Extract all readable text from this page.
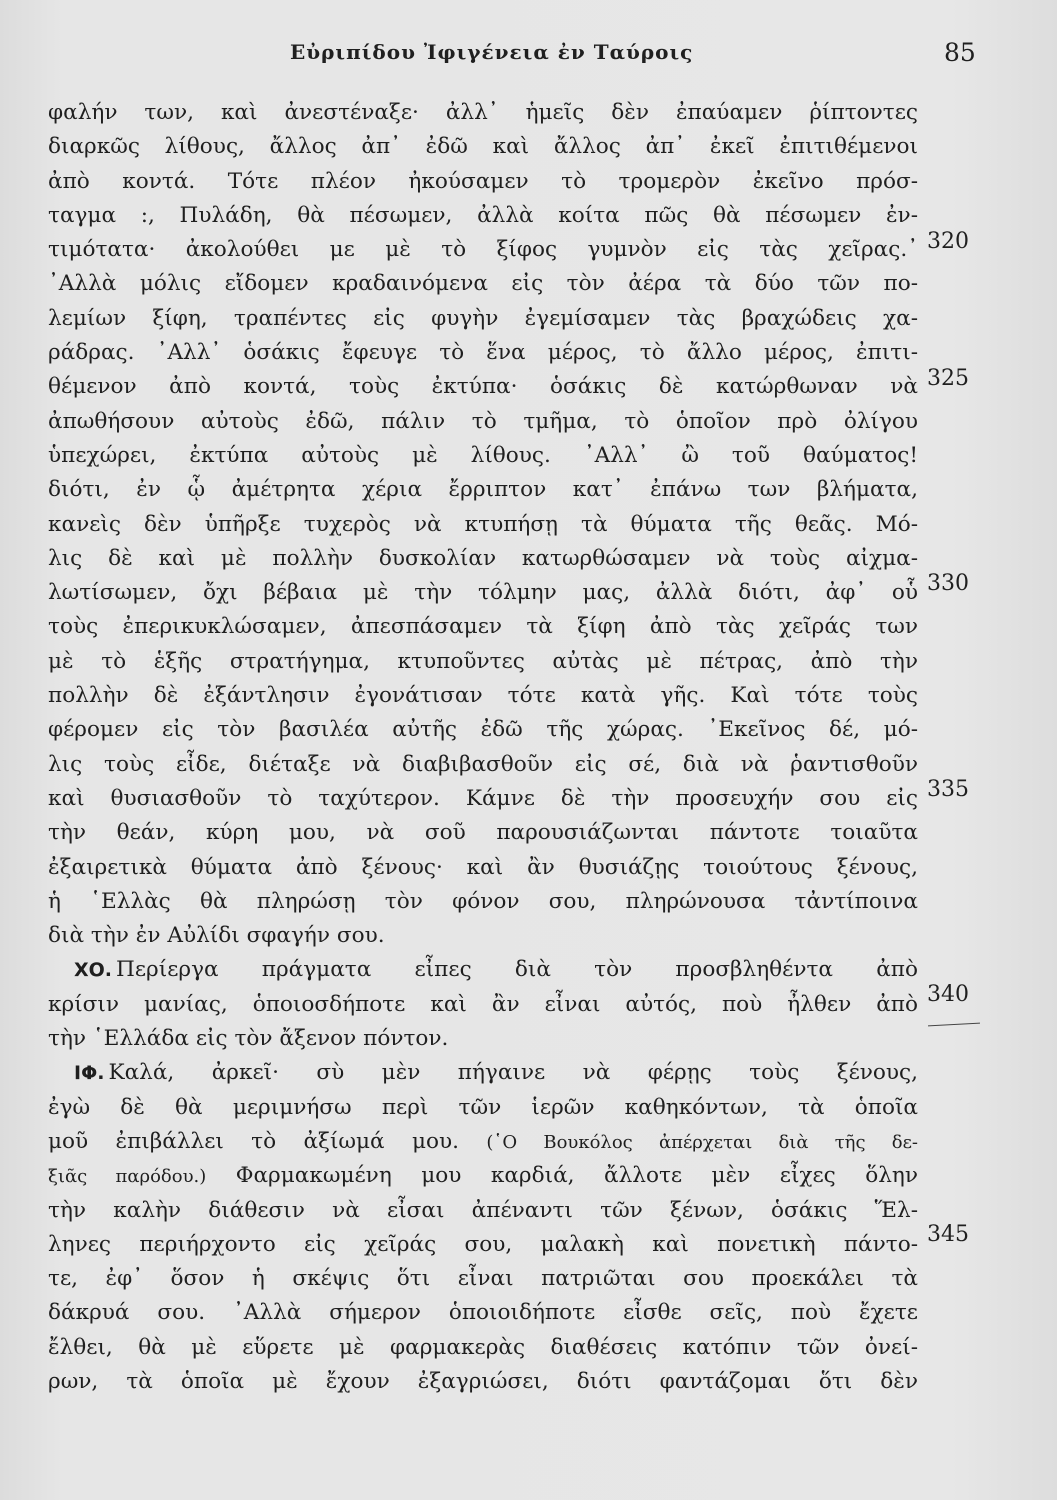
Εὐριπίδου Ἰφιγένεια ἐν Ταύροις	85
φαλήν των, καὶ ἀνεστέναξε· ἀλλ᾽ ἡμεῖς δὲν ἐπαύαμεν ῥίπτοντες
διαρκῶς λίθους, ἄλλος ἀπ᾽ ἐδῶ καὶ ἄλλος ἀπ᾽ ἐκεῖ ἐπιτιθέμενοι
ἀπὸ κοντά. Τότε πλέον ἠκούσαμεν τὸ τρομερὸν ἐκεῖνο πρόσ-
ταγμα :, Πυλάδη, θὰ πέσωμεν, ἀλλὰ κοίτα πῶς θὰ πέσωμεν ἐν-
τιμότατα· ἀκολούθει με μὲ τὸ ξίφος γυμνὸν εἰς τὰς χεῖρας.᾿
᾿Αλλὰ μόλις εἴδομεν κραδαινόμενα εἰς τὸν ἀέρα τὰ δύο τῶν πο-
λεμίων ξίφη, τραπέντες εἰς φυγὴν ἐγεμίσαμεν τὰς βραχώδεις χα-
ράδρας. ᾿Αλλ᾽ ὁσάκις ἔφευγε τὸ ἕνα μέρος, τὸ ἄλλο μέρος, ἐπιτι-
θέμενον ἀπὸ κοντά, τοὺς ἐκτύπα· ὁσάκις δὲ κατώρθωναν νὰ
ἀπωθήσουν αὐτοὺς ἐδῶ, πάλιν τὸ τμῆμα, τὸ ὁποῖον πρὸ ὀλίγου
ὑπεχώρει, ἐκτύπα αὐτοὺς μὲ λίθους. ᾿Αλλ᾽ ὢ τοῦ θαύματος!
διότι, ἐν ᾧ ἀμέτρητα χέρια ἔρριπτον κατ᾽ ἐπάνω των βλήματα,
κανεὶς δὲν ὑπῆρξε τυχερὸς νὰ κτυπήσῃ τὰ θύματα τῆς θεᾶς. Μό-
λις δὲ καὶ μὲ πολλὴν δυσκολίαν κατωρθώσαμεν νὰ τοὺς αἰχμα-
λωτίσωμεν, ὄχι βέβαια μὲ τὴν τόλμην μας, ἀλλὰ διότι, ἀφ᾽ οὗ
τοὺς ἐπερικυκλώσαμεν, ἀπεσπάσαμεν τὰ ξίφη ἀπὸ τὰς χεῖράς των
μὲ τὸ ἑξῆς στρατήγημα, κτυποῦντες αὐτὰς μὲ πέτρας, ἀπὸ τὴν
πολλὴν δὲ ἐξάντλησιν ἐγονάτισαν τότε κατὰ γῆς. Καὶ τότε τοὺς
φέρομεν εἰς τὸν βασιλέα αὐτῆς ἐδῶ τῆς χώρας. ᾿Εκεῖνος δέ, μό-
λις τοὺς εἶδε, διέταξε νὰ διαβιβασθοῦν εἰς σέ, διὰ νὰ ῥαντισθοῦν
καὶ θυσιασθοῦν τὸ ταχύτερον. Κάμνε δὲ τὴν προσευχήν σου εἰς
τὴν θεάν, κύρη μου, νὰ σοῦ παρουσιάζωνται πάντοτε τοιαῦτα
ἐξαιρετικὰ θύματα ἀπὸ ξένους· καὶ ἂν θυσιάζῃς τοιούτους ξένους,
ἡ ῾Ελλὰς θὰ πληρώσῃ τὸν φόνον σου, πληρώνουσα τἀντίποινα
διὰ τὴν ἐν Αὐλίδι σφαγήν σου.
ΧΟ. Περίεργα πράγματα εἶπες διὰ τὸν προσβληθέντα ἀπὸ
κρίσιν μανίας, ὁποιοσδήποτε καὶ ἂν εἶναι αὐτός, ποὺ ἦλθεν ἀπὸ
τὴν ῾Ελλάδα εἰς τὸν ἄξενον πόντον.
ΙΦ. Καλά, ἀρκεῖ· σὺ μὲν πήγαινε νὰ φέρῃς τοὺς ξένους,
ἐγὼ δὲ θὰ μεριμνήσω περὶ τῶν ἱερῶν καθηκόντων, τὰ ὁποῖα
μοῦ ἐπιβάλλει τὸ ἀξίωμά μου. (῾Ο Βουκόλος ἀπέρχεται διὰ τῆς δε-
ξιᾶς παρόδου.) Φαρμακωμένη μου καρδιά, ἄλλοτε μὲν εἶχες ὅλην
τὴν καλὴν διάθεσιν νὰ εἶσαι ἀπέναντι τῶν ξένων, ὁσάκις Ἕλ-
ληνες περιήρχοντο εἰς χεῖράς σου, μαλακὴ καὶ πονετικὴ πάντο-
τε, ἐφ᾽ ὅσον ἡ σκέψις ὅτι εἶναι πατριῶται σου προεκάλει τὰ
δάκρυά σου. ᾿Αλλὰ σήμερον ὁποιοιδήποτε εἶσθε σεῖς, ποὺ ἔχετε
ἔλθει, θὰ μὲ εὕρετε μὲ φαρμακερὰς διαθέσεις κατόπιν τῶν ὀνεί-
ρων, τὰ ὁποῖα μὲ ἔχουν ἐξαγριώσει, διότι φαντάζομαι ὅτι δὲν
320
325
330
335
340
345
